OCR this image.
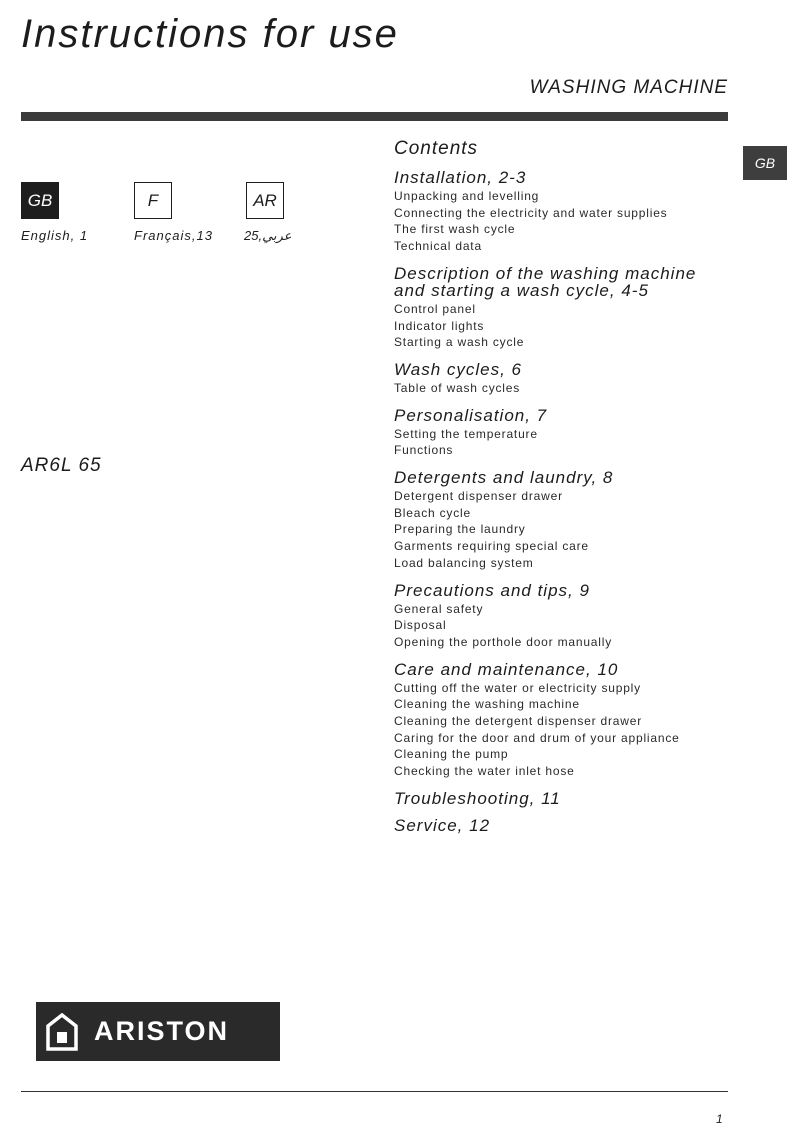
Instructions for use
WASHING MACHINE
GB
GB	F	AR
English, 1	Français,13 عربي,25
AR6L 65
Contents
Installation, 2-3
Unpacking and levelling
Connecting the electricity and water supplies
The first wash cycle
Technical data
Description of the washing machine
and starting a wash cycle, 4-5
Control panel
Indicator lights
Starting a wash cycle
Wash cycles, 6
Table of wash cycles
Personalisation, 7
Setting the temperature
Functions
Detergents and laundry, 8
Detergent dispenser drawer
Bleach cycle
Preparing the laundry
Garments requiring special care
Load balancing system
Precautions and tips, 9
General safety
Disposal
Opening the porthole door manually
Care and maintenance, 10
Cutting off the water or electricity supply
Cleaning the washing machine
Cleaning the detergent dispenser drawer
Caring for the door and drum of your appliance
Cleaning the pump
Checking the water inlet hose
Troubleshooting, 11
Service, 12
ARISTON
1
